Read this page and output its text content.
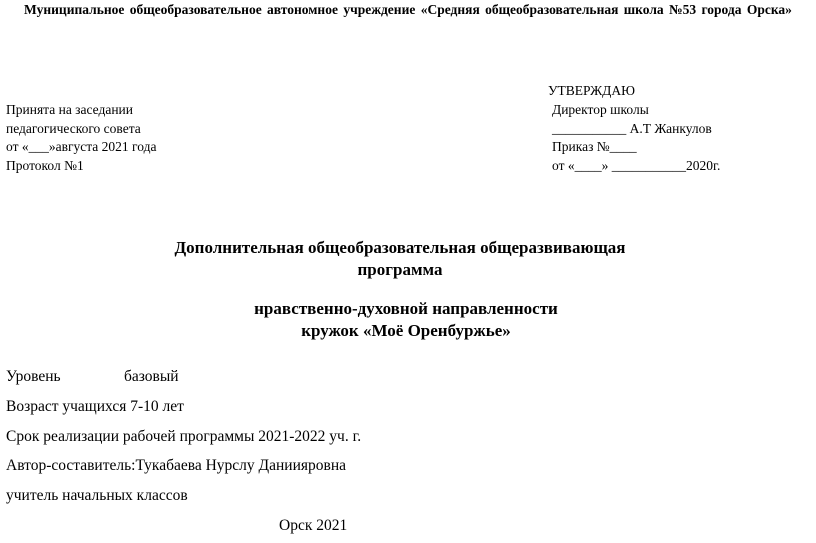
Муниципальное общеобразовательное автономное учреждение «Средняя общеобразовательная школа №53 города Орска»
УТВЕРЖДАЮ
Принята на заседании
педагогического совета
от «___»августа 2021 года
Протокол №1
Директор школы
___________ А.Т Жанкулов
Приказ №____
от «____» ___________2020г.
Дополнительная общеобразовательная общеразвивающая
программа
нравственно-духовной направленности
кружок «Моё Оренбуржье»
Уровень	базовый
Возраст учащихся 7-10 лет
Срок реализации рабочей программы 2021-2022 уч. г.
Автор-составитель:Тукабаева Нурслу Даниияровна
учитель начальных классов
Орск 2021
